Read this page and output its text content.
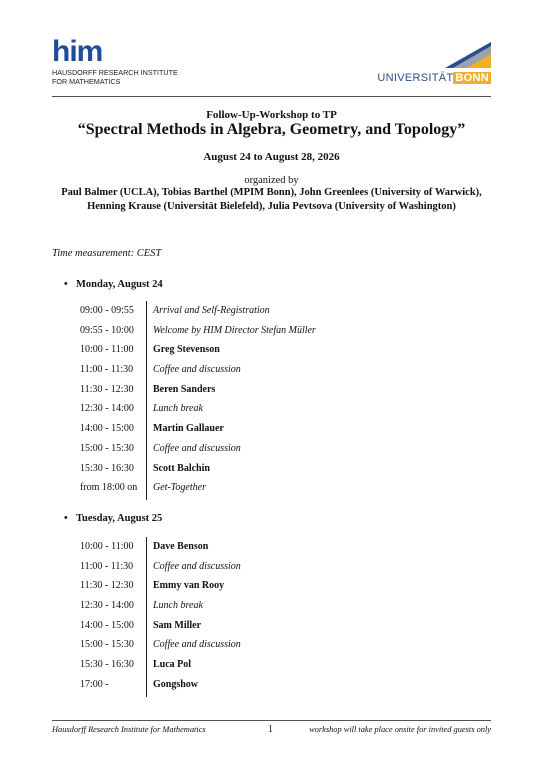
him
HAUSDORFF RESEARCH INSTITUTE
FOR MATHEMATICS	UNIVERSITÄT BONN
Follow-Up-Workshop to TP
“Spectral Methods in Algebra, Geometry, and Topology”
August 24 to August 28, 2026
organized by
Paul Balmer (UCLA), Tobias Barthel (MPIM Bonn), John Greenlees (University of Warwick), Henning Krause (Universität Bielefeld), Julia Pevtsova (University of Washington)
Time measurement: CEST
• Monday, August 24
09:00 - 09:55 Arrival and Self-Registration
09:55 - 10:00 Welcome by HIM Director Stefan Müller
10:00 - 11:00 Greg Stevenson
11:00 - 11:30 Coffee and discussion
11:30 - 12:30 Beren Sanders
12:30 - 14:00 Lunch break
14:00 - 15:00 Martin Gallauer
15:00 - 15:30 Coffee and discussion
15:30 - 16:30 Scott Balchin
from 18:00 on Get-Together
• Tuesday, August 25
10:00 - 11:00 Dave Benson
11:00 - 11:30 Coffee and discussion
11:30 - 12:30 Emmy van Rooy
12:30 - 14:00 Lunch break
14:00 - 15:00 Sam Miller
15:00 - 15:30 Coffee and discussion
15:30 - 16:30 Luca Pol
17:00 -	Gongshow
Hausdorff Research Institute for Mathematics	1	workshop will take place onsite for invited guests only
